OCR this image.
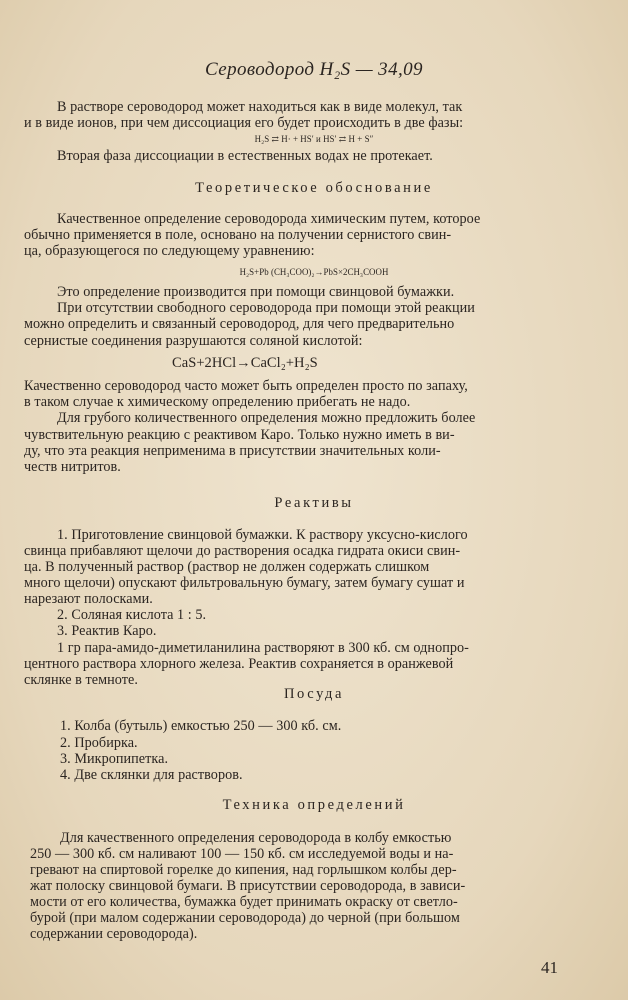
Сероводород H₂S — 34,09
В растворе сероводород может находиться как в виде молекул, так
и в виде ионов, при чем диссоциация его будет происходить в две фазы:
H₂S ⇄ H· + HS′ и HS′ ⇄ H + S″
Вторая фаза диссоциации в естественных водах не протекает.
Теоретическое обоснование
Качественное определение сероводорода химическим путем, которое
обычно применяется в поле, основано на получении сернистого свин-
ца, образующегося по следующему уравнению:
H₂S+Pb (CH₃COO)₂→PbS×2CH₃COOH
Это определение производится при помощи свинцовой бумажки.
При отсутствии свободного сероводорода при помощи этой реакции
можно определить и связанный сероводород, для чего предварительно
сернистые соединения разрушаются соляной кислотой:
CaS+2HCl→CaCl₂+H₂S
Качественно сероводород часто может быть определен просто по запаху,
в таком случае к химическому определению прибегать не надо.
Для грубого количественного определения можно предложить более
чувствительную реакцию с реактивом Каро. Только нужно иметь в ви-
ду, что эта реакция неприменима в присутствии значительных коли-
честв нитритов.
Реактивы
1. Приготовление свинцовой бумажки. К раствору уксусно-кислого
свинца прибавляют щелочи до растворения осадка гидрата окиси свин-
ца. В полученный раствор (раствор не должен содержать слишком
много щелочи) опускают фильтровальную бумагу, затем бумагу сушат и
нарезают полосками.
2. Соляная кислота 1 : 5.
3. Реактив Каро.
1 гр пара-амидо-диметиланилина растворяют в 300 кб. см однопро-
центного раствора хлорного железа. Реактив сохраняется в оранжевой
склянке в темноте.
Посуда
1. Колба (бутыль) емкостью 250 — 300 кб. см.
2. Пробирка.
3. Микропипетка.
4. Две склянки для растворов.
Техника определений
Для качественного определения сероводорода в колбу емкостью
250 — 300 кб. см наливают 100 — 150 кб. см исследуемой воды и на-
гревают на спиртовой горелке до кипения, над горлышком колбы дер-
жат полоску свинцовой бумаги. В присутствии сероводорода, в зависи-
мости от его количества, бумажка будет принимать окраску от светло-
бурой (при малом содержании сероводорода) до черной (при большом
содержании сероводорода).
41
